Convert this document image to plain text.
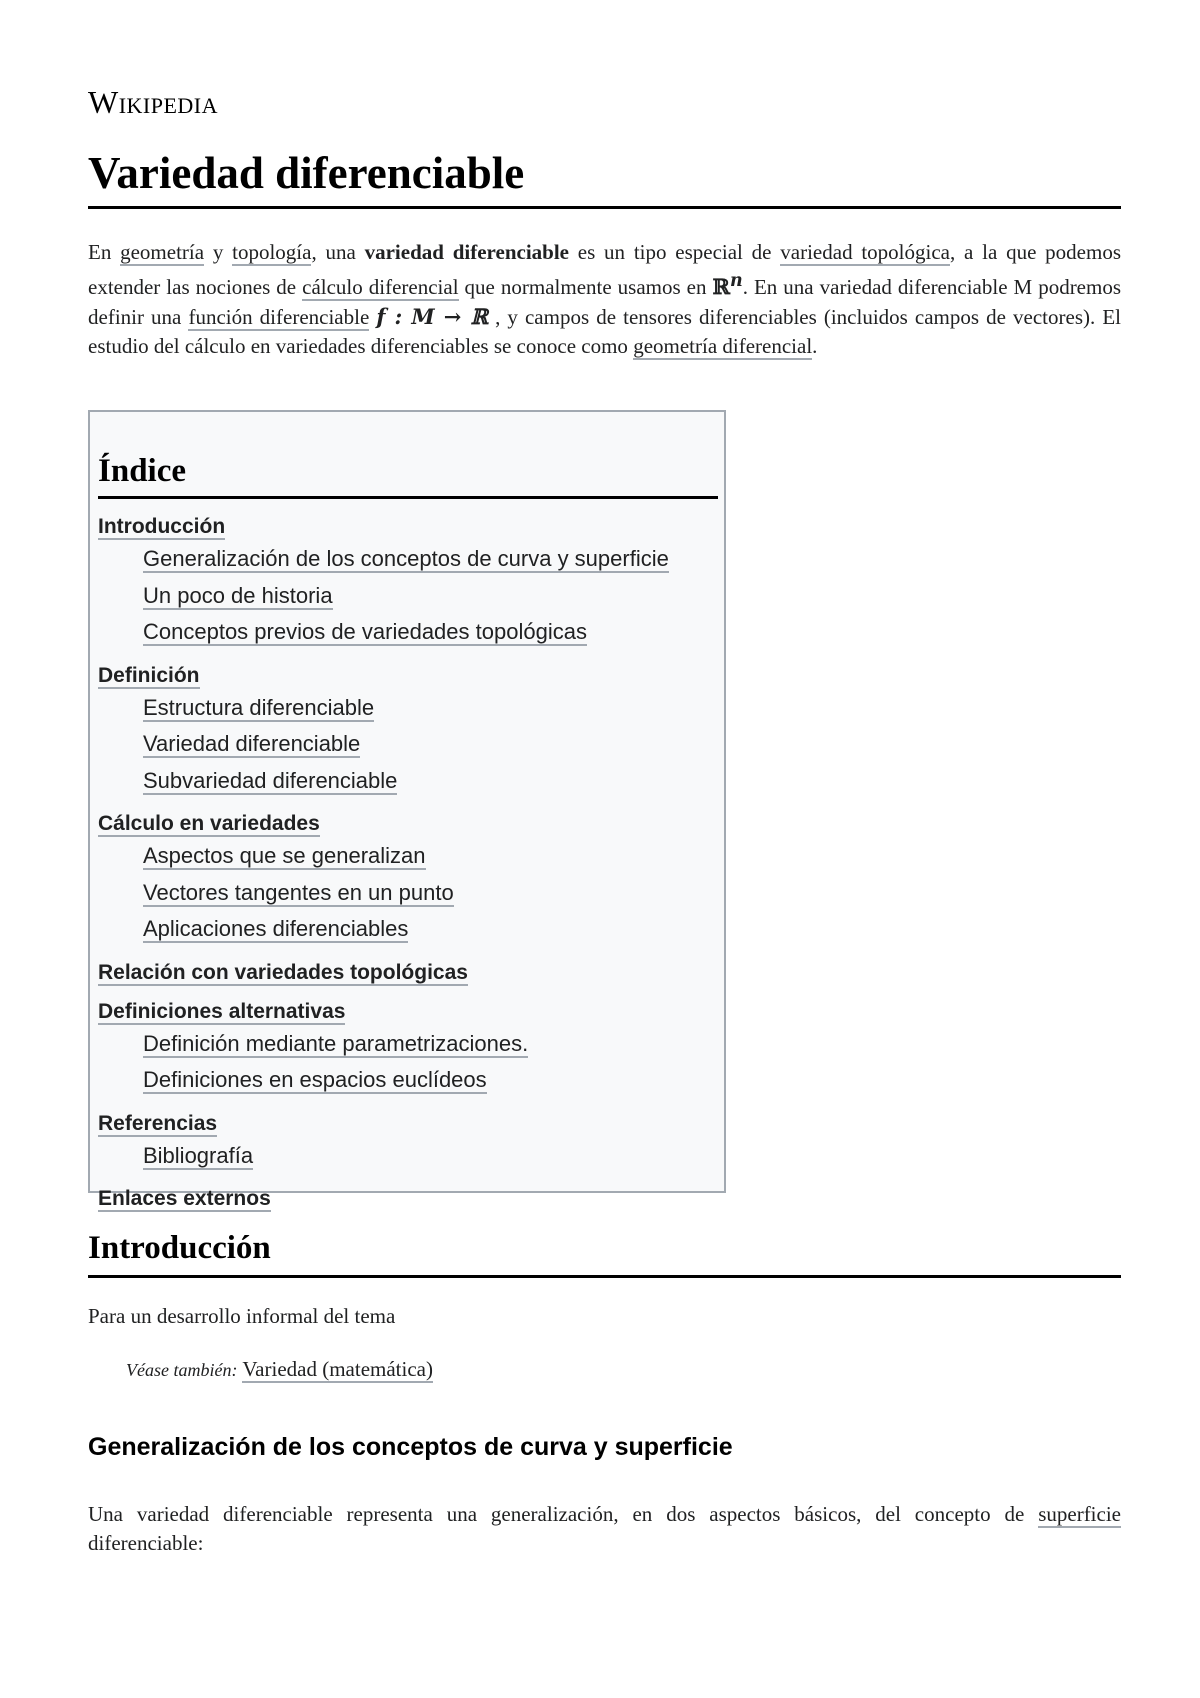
Wikipedia
Variedad diferenciable

En geometría y topología, una variedad diferenciable es un tipo especial de variedad topológica, a la que podemos extender las nociones de cálculo diferencial que normalmente usamos en ℝ$^n$. En una variedad diferenciable M podremos definir una función diferenciable f : M → ℝ , y campos de tensores diferenciables (incluidos campos de vectores). El estudio del cálculo en variedades diferenciables se conoce como geometría diferencial.

Índice
Introducción
Generalización de los conceptos de curva y superficie
Un poco de historia
Conceptos previos de variedades topológicas
Definición
Estructura diferenciable
Variedad diferenciable
Subvariedad diferenciable
Cálculo en variedades
Aspectos que se generalizan
Vectores tangentes en un punto
Aplicaciones diferenciables
Relación con variedades topológicas
Definiciones alternativas
Definición mediante parametrizaciones.
Definiciones en espacios euclídeos
Referencias
Bibliografía
Enlaces externos
Introducción

Para un desarrollo informal del tema

Véase también: Variedad (matemática)
Generalización de los conceptos de curva y superficie

Una variedad diferenciable representa una generalización, en dos aspectos básicos, del concepto de superficie diferenciable:
